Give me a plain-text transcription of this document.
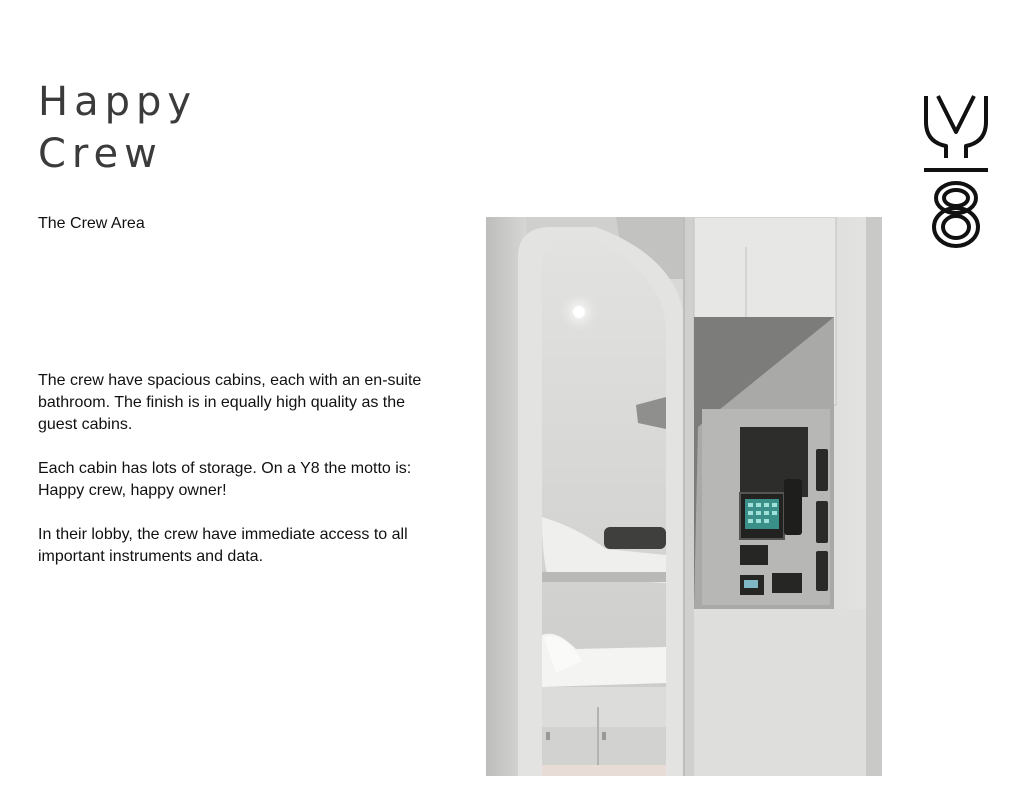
Happy
Crew

The Crew Area

The crew have spacious cabins, each with an en-suite bathroom. The finish is in equally high quality as the guest cabins.

Each cabin has lots of storage. On a Y8 the motto is: Happy crew, happy owner!

In their lobby, the crew have immediate access to all important instruments and data.
